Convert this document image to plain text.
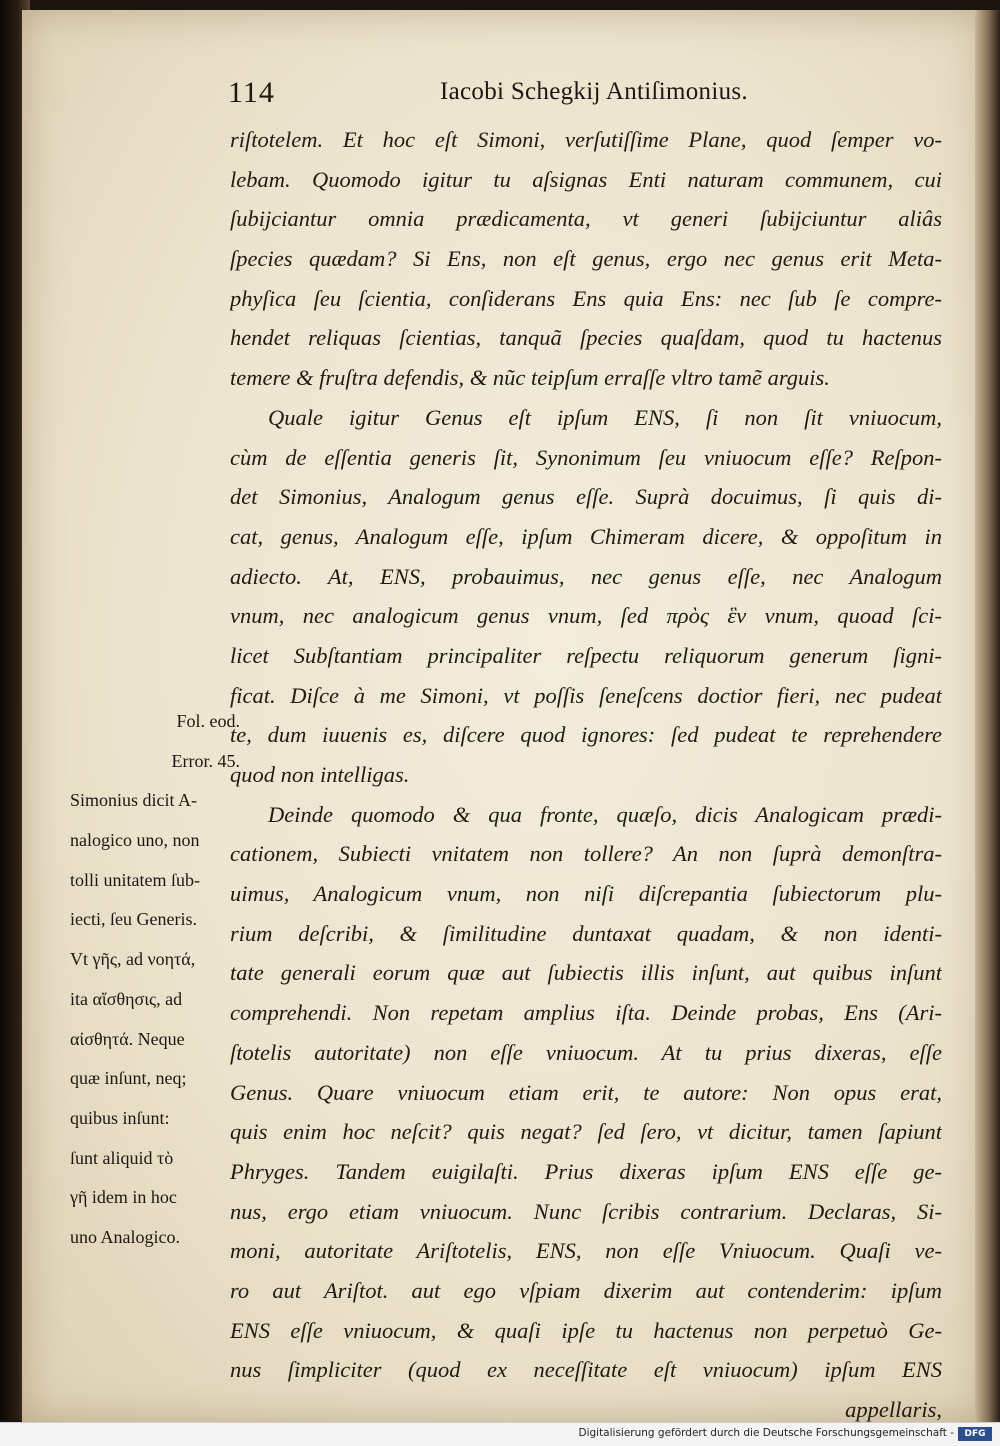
114	Iacobi Schegkij Antiſimonius.
riſtotelem. Et hoc eſt Simoni, verſutiſſime Plane, quod ſemper vo-
lebam. Quomodo igitur tu aſsignas Enti naturam communem, cui
ſubijciantur omnia prædicamenta, vt generi ſubijciuntur aliâs
ſpecies quædam? Si Ens, non eſt genus, ergo nec genus erit Meta-
phyſica ſeu ſcientia, conſiderans Ens quia Ens: nec ſub ſe compre-
hendet reliquas ſcientias, tanquã ſpecies quaſdam, quod tu hactenus
temere & fruſtra defendis, & nũc teipſum erraſſe vltro tamẽ arguis.
Quale igitur Genus eſt ipſum ENS, ſi non ſit vniuocum,
cùm de eſſentia generis ſit, Synonimum ſeu vniuocum eſſe? Reſpon-
det Simonius, Analogum genus eſſe. Suprà docuimus, ſi quis di-
cat, genus, Analogum eſſe, ipſum Chimeram dicere, & oppoſitum in
adiecto. At, ENS, probauimus, nec genus eſſe, nec Analogum
vnum, nec analogicum genus vnum, ſed πρὸς ἓν vnum, quoad ſci-
licet Subſtantiam principaliter reſpectu reliquorum generum ſigni-
ficat. Diſce à me Simoni, vt poſſis ſeneſcens doctior fieri, nec pudeat
te, dum iuuenis es, diſcere quod ignores: ſed pudeat te reprehendere
quod non intelligas.
Deinde quomodo & qua fronte, quæſo, dicis Analogicam prædi-
cationem, Subiecti vnitatem non tollere? An non ſuprà demonſtra-
uimus, Analogicum vnum, non niſi diſcrepantia ſubiectorum plu-
rium deſcribi, & ſimilitudine duntaxat quadam, & non identi-
tate generali eorum quæ aut ſubiectis illis inſunt, aut quibus inſunt
comprehendi. Non repetam amplius iſta. Deinde probas, Ens (Ari-
ſtotelis autoritate) non eſſe vniuocum. At tu prius dixeras, eſſe
Genus. Quare vniuocum etiam erit, te autore: Non opus erat,
quis enim hoc neſcit? quis negat? ſed ſero, vt dicitur, tamen ſapiunt
Phryges. Tandem euigilaſti. Prius dixeras ipſum ENS eſſe ge-
nus, ergo etiam vniuocum. Nunc ſcribis contrarium. Declaras, Si-
moni, autoritate Ariſtotelis, ENS, non eſſe Vniuocum. Quaſi ve-
ro aut Ariſtot. aut ego vſpiam dixerim aut contenderim: ipſum
ENS eſſe vniuocum, & quaſi ipſe tu hactenus non perpetuò Ge-
nus ſimpliciter (quod ex neceſſitate eſt vniuocum) ipſum ENS
appellaris,
Fol. eod.
Error. 45.
Simonius dicit A-
nalogico uno, non
tolli unitatem ſub-
iecti, ſeu Generis.
Vt γῆς, ad νοητά,
ita αἴσθησις, ad
αἰσθητά. Neque
quæ inſunt, neq;
quibus inſunt:
ſunt aliquid τὸ
γῆ idem in hoc
uno Analogico.
Digitalisierung gefördert durch die Deutsche Forschungsgemeinschaft -	DFG
